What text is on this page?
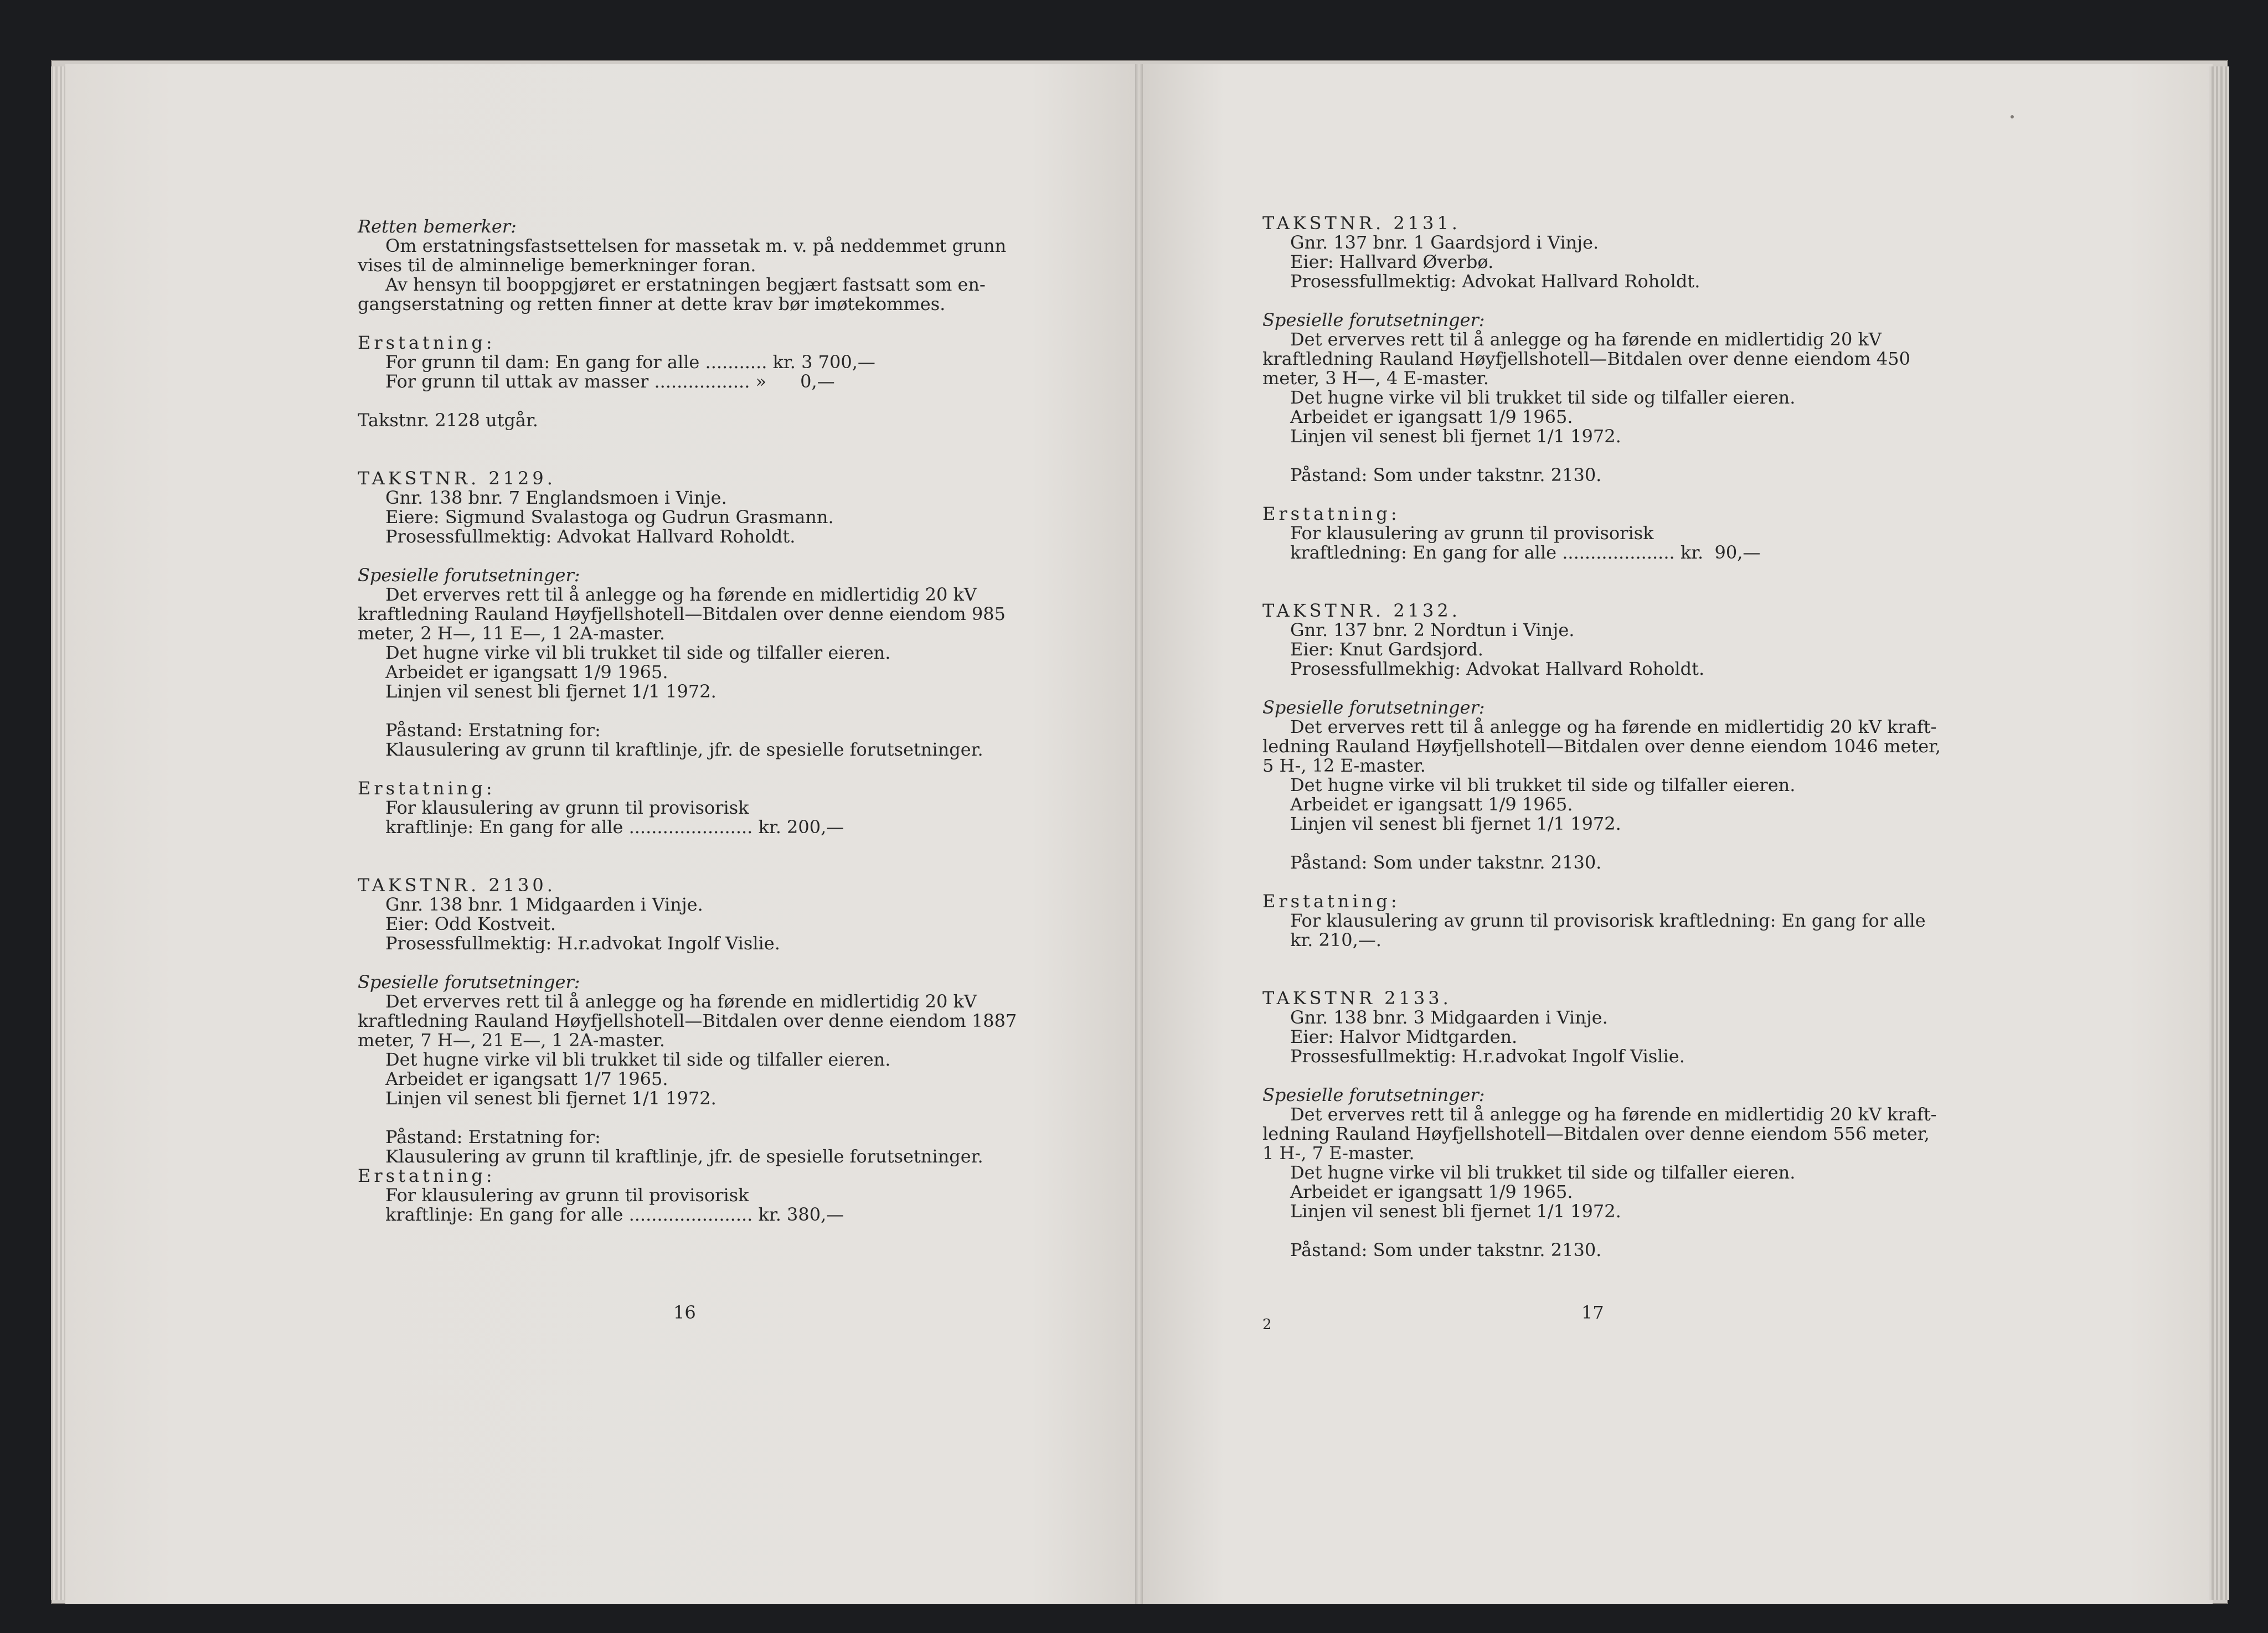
Retten bemerker:
Om erstatningsfastsettelsen for massetak m. v. på neddemmet grunn
vises til de alminnelige bemerkninger foran.
Av hensyn til booppgjøret er erstatningen begjært fastsatt som en-
gangserstatning og retten finner at dette krav bør imøtekommes.
Erstatning:
For grunn til dam: En gang for alle ........... kr. 3 700,—
For grunn til uttak av masser ................. »      0,—
Takstnr. 2128 utgår.
TAKSTNR. 2129.
Gnr. 138 bnr. 7 Englandsmoen i Vinje.
Eiere: Sigmund Svalastoga og Gudrun Grasmann.
Prosessfullmektig: Advokat Hallvard Roholdt.
Spesielle forutsetninger:
Det erverves rett til å anlegge og ha førende en midlertidig 20 kV
kraftledning Rauland Høyfjellshotell—Bitdalen over denne eiendom 985
meter, 2 H—, 11 E—, 1 2A-master.
Det hugne virke vil bli trukket til side og tilfaller eieren.
Arbeidet er igangsatt 1/9 1965.
Linjen vil senest bli fjernet 1/1 1972.
Påstand: Erstatning for:
Klausulering av grunn til kraftlinje, jfr. de spesielle forutsetninger.
Erstatning:
For klausulering av grunn til provisorisk
kraftlinje: En gang for alle ...................... kr. 200,—
TAKSTNR. 2130.
Gnr. 138 bnr. 1 Midgaarden i Vinje.
Eier: Odd Kostveit.
Prosessfullmektig: H.r.advokat Ingolf Vislie.
Spesielle forutsetninger:
Det erverves rett til å anlegge og ha førende en midlertidig 20 kV
kraftledning Rauland Høyfjellshotell—Bitdalen over denne eiendom 1887
meter, 7 H—, 21 E—, 1 2A-master.
Det hugne virke vil bli trukket til side og tilfaller eieren.
Arbeidet er igangsatt 1/7 1965.
Linjen vil senest bli fjernet 1/1 1972.
Påstand: Erstatning for:
Klausulering av grunn til kraftlinje, jfr. de spesielle forutsetninger.
Erstatning:
For klausulering av grunn til provisorisk
kraftlinje: En gang for alle ...................... kr. 380,—
16
TAKSTNR. 2131.
Gnr. 137 bnr. 1 Gaardsjord i Vinje.
Eier: Hallvard Øverbø.
Prosessfullmektig: Advokat Hallvard Roholdt.
Spesielle forutsetninger:
Det erverves rett til å anlegge og ha førende en midlertidig 20 kV
kraftledning Rauland Høyfjellshotell—Bitdalen over denne eiendom 450
meter, 3 H—, 4 E-master.
Det hugne virke vil bli trukket til side og tilfaller eieren.
Arbeidet er igangsatt 1/9 1965.
Linjen vil senest bli fjernet 1/1 1972.
Påstand: Som under takstnr. 2130.
Erstatning:
For klausulering av grunn til provisorisk
kraftledning: En gang for alle .................... kr.  90,—
TAKSTNR. 2132.
Gnr. 137 bnr. 2 Nordtun i Vinje.
Eier: Knut Gardsjord.
Prosessfullmekhig: Advokat Hallvard Roholdt.
Spesielle forutsetninger:
Det erverves rett til å anlegge og ha førende en midlertidig 20 kV kraft-
ledning Rauland Høyfjellshotell—Bitdalen over denne eiendom 1046 meter,
5 H-, 12 E-master.
Det hugne virke vil bli trukket til side og tilfaller eieren.
Arbeidet er igangsatt 1/9 1965.
Linjen vil senest bli fjernet 1/1 1972.
Påstand: Som under takstnr. 2130.
Erstatning:
For klausulering av grunn til provisorisk kraftledning: En gang for alle
kr. 210,—.
TAKSTNR 2133.
Gnr. 138 bnr. 3 Midgaarden i Vinje.
Eier: Halvor Midtgarden.
Prossesfullmektig: H.r.advokat Ingolf Vislie.
Spesielle forutsetninger:
Det erverves rett til å anlegge og ha førende en midlertidig 20 kV kraft-
ledning Rauland Høyfjellshotell—Bitdalen over denne eiendom 556 meter,
1 H-, 7 E-master.
Det hugne virke vil bli trukket til side og tilfaller eieren.
Arbeidet er igangsatt 1/9 1965.
Linjen vil senest bli fjernet 1/1 1972.
Påstand: Som under takstnr. 2130.
17
2
